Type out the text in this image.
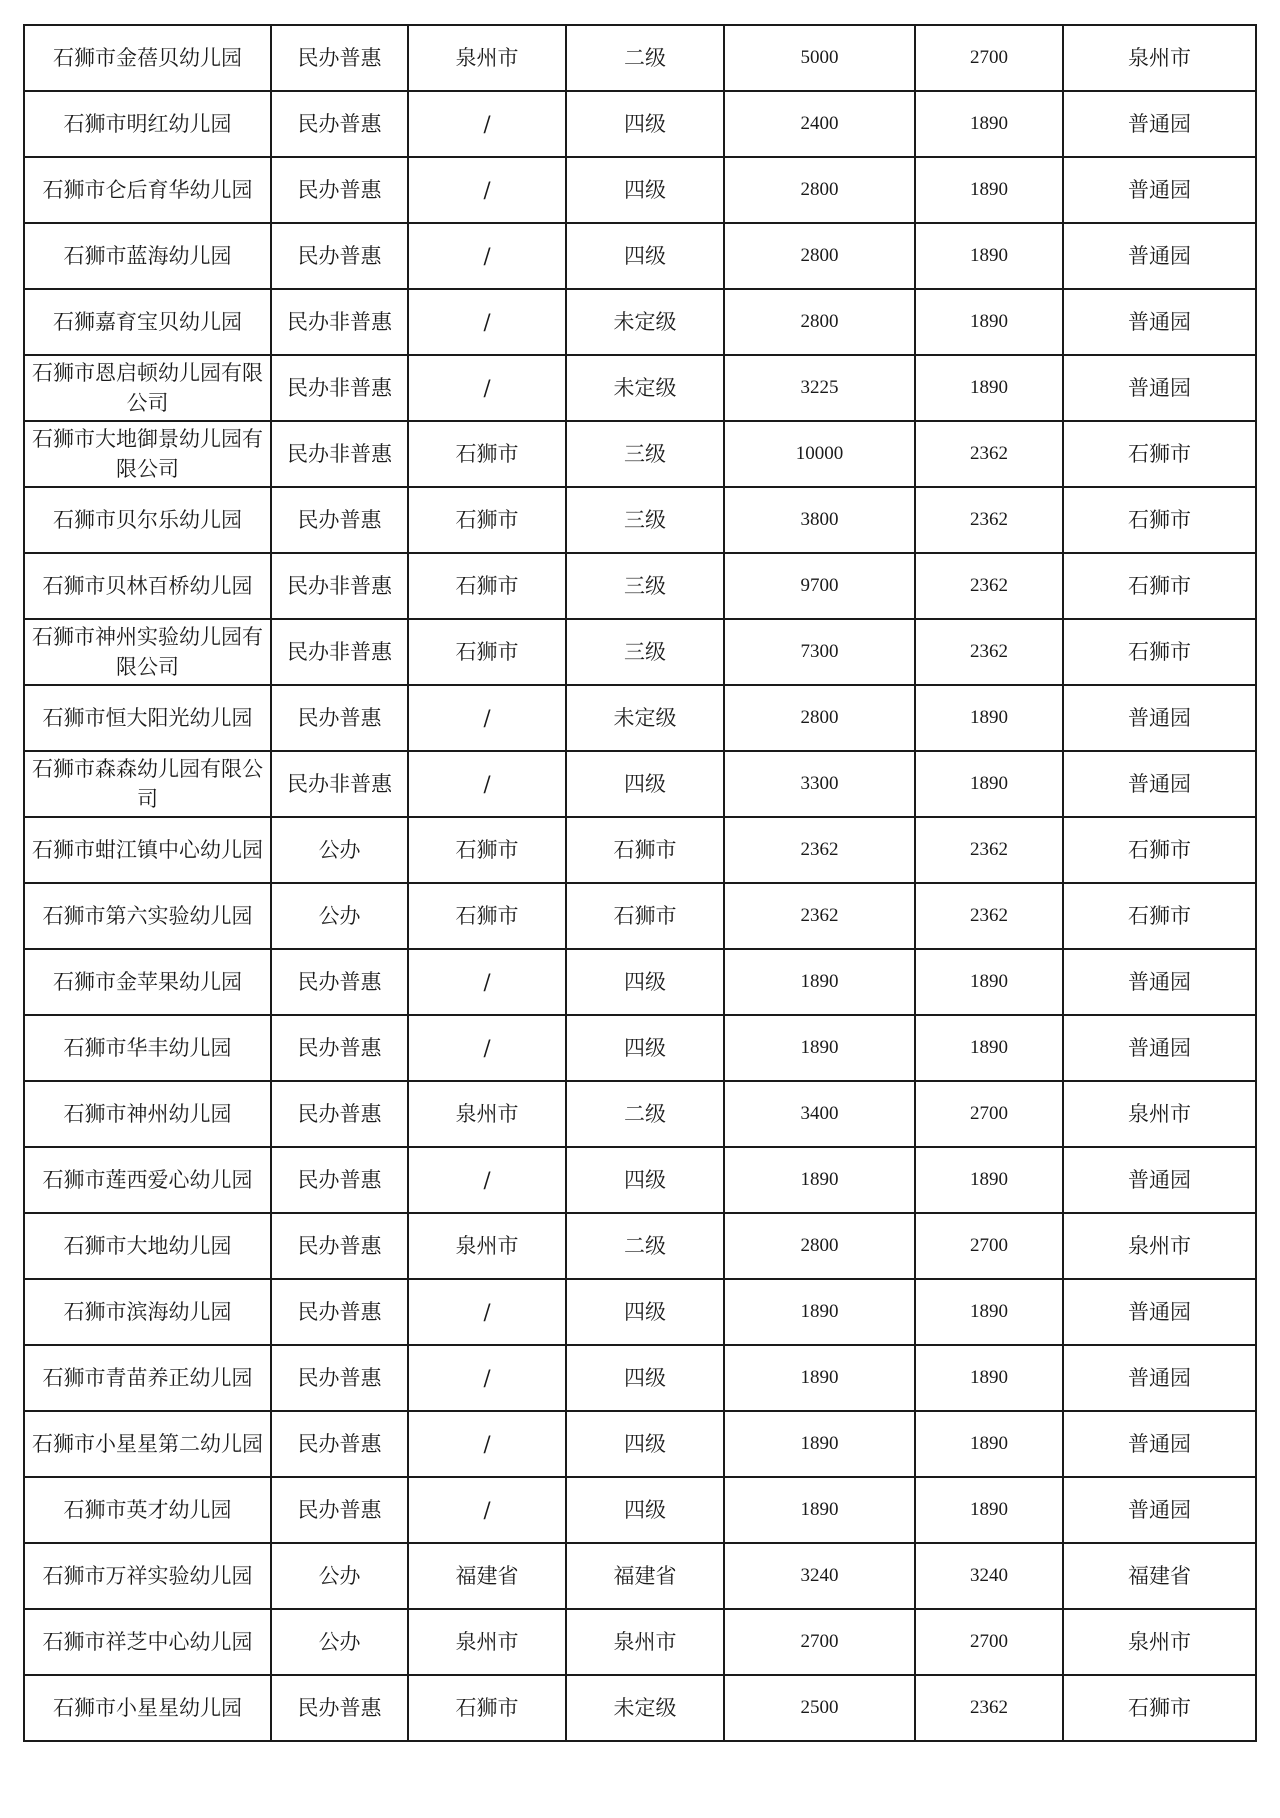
石狮市金蓓贝幼儿园	民办普惠	泉州市	二级	5000	2700	泉州市
石狮市明红幼儿园	民办普惠	/	四级	2400	1890	普通园
石狮市仑后育华幼儿园	民办普惠	/	四级	2800	1890	普通园
石狮市蓝海幼儿园	民办普惠	/	四级	2800	1890	普通园
石狮嘉育宝贝幼儿园	民办非普惠	/	未定级	2800	1890	普通园
石狮市恩启顿幼儿园有限公司	民办非普惠	/	未定级	3225	1890	普通园
石狮市大地御景幼儿园有限公司	民办非普惠	石狮市	三级	10000	2362	石狮市
石狮市贝尔乐幼儿园	民办普惠	石狮市	三级	3800	2362	石狮市
石狮市贝林百桥幼儿园	民办非普惠	石狮市	三级	9700	2362	石狮市
石狮市神州实验幼儿园有限公司	民办非普惠	石狮市	三级	7300	2362	石狮市
石狮市恒大阳光幼儿园	民办普惠	/	未定级	2800	1890	普通园
石狮市森森幼儿园有限公司	民办非普惠	/	四级	3300	1890	普通园
石狮市蚶江镇中心幼儿园	公办	石狮市	石狮市	2362	2362	石狮市
石狮市第六实验幼儿园	公办	石狮市	石狮市	2362	2362	石狮市
石狮市金苹果幼儿园	民办普惠	/	四级	1890	1890	普通园
石狮市华丰幼儿园	民办普惠	/	四级	1890	1890	普通园
石狮市神州幼儿园	民办普惠	泉州市	二级	3400	2700	泉州市
石狮市莲西爱心幼儿园	民办普惠	/	四级	1890	1890	普通园
石狮市大地幼儿园	民办普惠	泉州市	二级	2800	2700	泉州市
石狮市滨海幼儿园	民办普惠	/	四级	1890	1890	普通园
石狮市青苗养正幼儿园	民办普惠	/	四级	1890	1890	普通园
石狮市小星星第二幼儿园	民办普惠	/	四级	1890	1890	普通园
石狮市英才幼儿园	民办普惠	/	四级	1890	1890	普通园
石狮市万祥实验幼儿园	公办	福建省	福建省	3240	3240	福建省
石狮市祥芝中心幼儿园	公办	泉州市	泉州市	2700	2700	泉州市
石狮市小星星幼儿园	民办普惠	石狮市	未定级	2500	2362	石狮市
